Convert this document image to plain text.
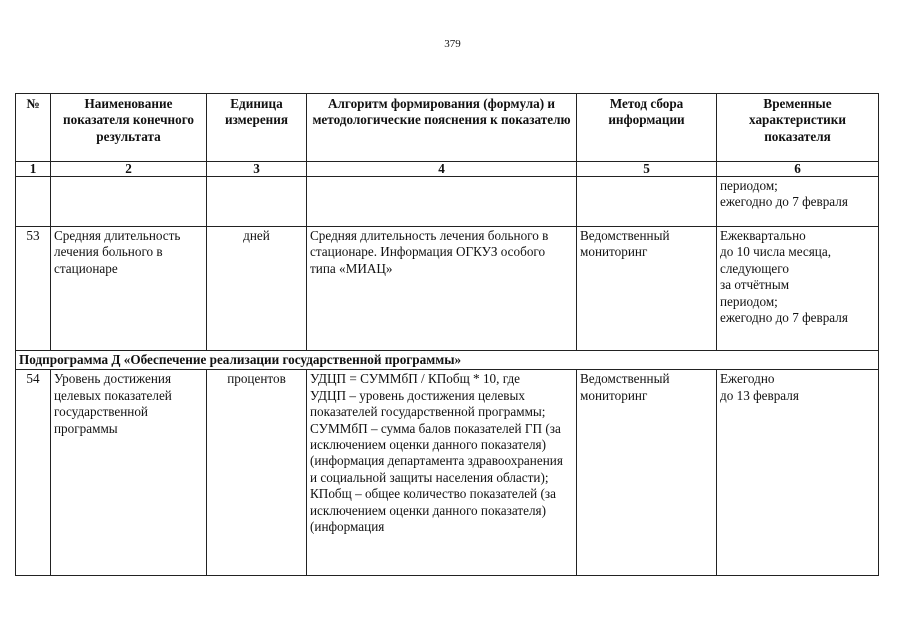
379
№	Наименование показателя конечного результата	Единица измерения	Алгоритм формирования (формула) и методологические пояснения к показателю	Метод сбора информации	Временные характеристики показателя
1	2	3	4	5	6
					периодом;
ежегодно до 7 февраля
53	Средняя длительность лечения больного в стационаре	дней	Средняя длительность лечения больного в стационаре. Информация ОГКУЗ особого типа «МИАЦ»	Ведомственный мониторинг	Ежеквартально
до 10 числа месяца, следующего
за отчётным
периодом;
ежегодно до 7 февраля
Подпрограмма Д «Обеспечение реализации государственной программы»					
54	Уровень достижения целевых показателей государственной программы	процентов	УДЦП = СУММбП / КПобщ * 10, где
УДЦП – уровень достижения целевых показателей государственной программы;
СУММбП – сумма балов показателей ГП (за исключением оценки данного показателя) (информация департамента здравоохранения и социальной защиты населения области);
КПобщ – общее количество показателей (за исключением оценки данного показателя) (информация	Ведомственный мониторинг	Ежегодно
до 13 февраля
